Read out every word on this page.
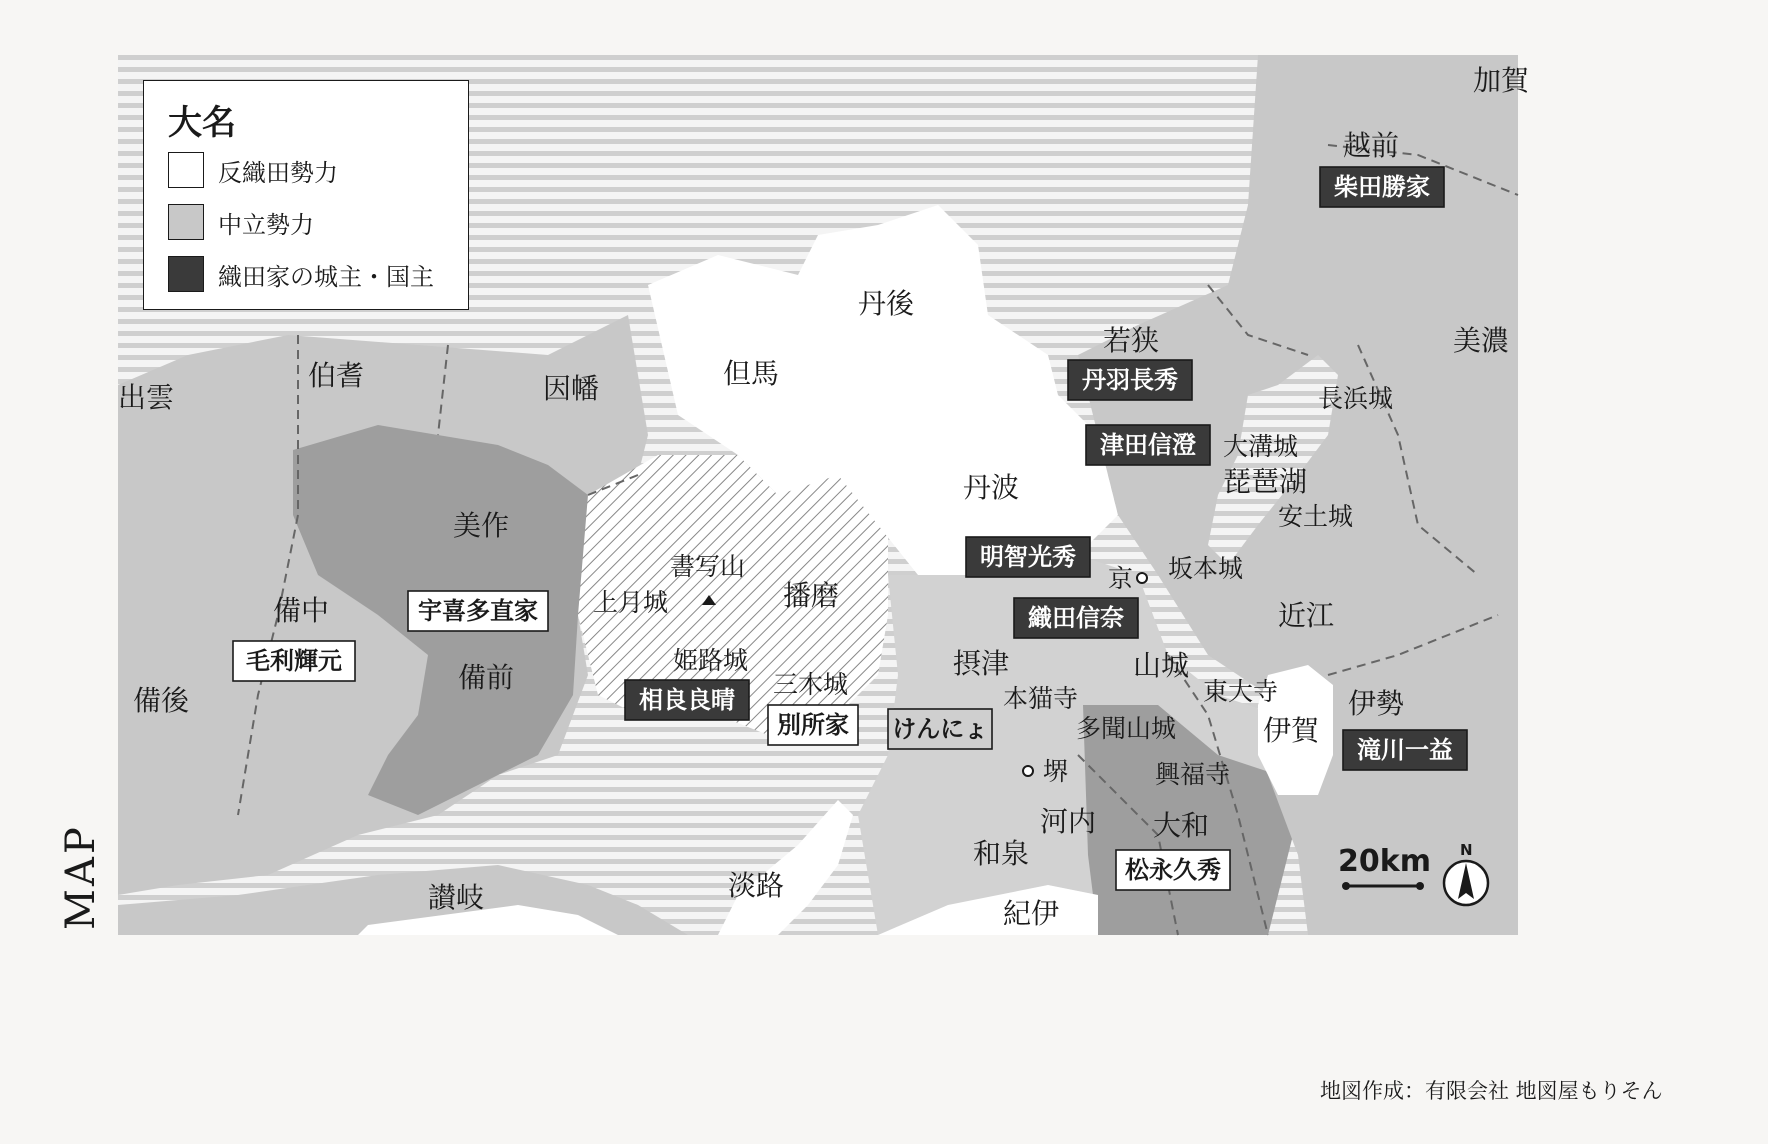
MAP
加賀
越前
美濃
若狭
丹後
但馬
出雲
伯耆	因幡
美作
備中
備後
備前
播磨
丹波
摂津	山城
近江
伊勢
伊賀
大和
河内
和泉
紀伊
淡路
讃岐
琵琶湖
長浜城
大溝城
安土城
坂本城
京
書写山
上月城
姫路城
三木城	本猫寺	東大寺
多聞山城
興福寺
堺
柴田勝家
丹羽長秀
津田信澄
明智光秀
織田信奈
相良良晴
滝川一益
宇喜多直家
毛利輝元
別所家
松永久秀
けんにょ
20km N
大名
反織田勢力
中立勢力
織田家の城主・国主
地図作成：有限会社 地図屋もりそん
